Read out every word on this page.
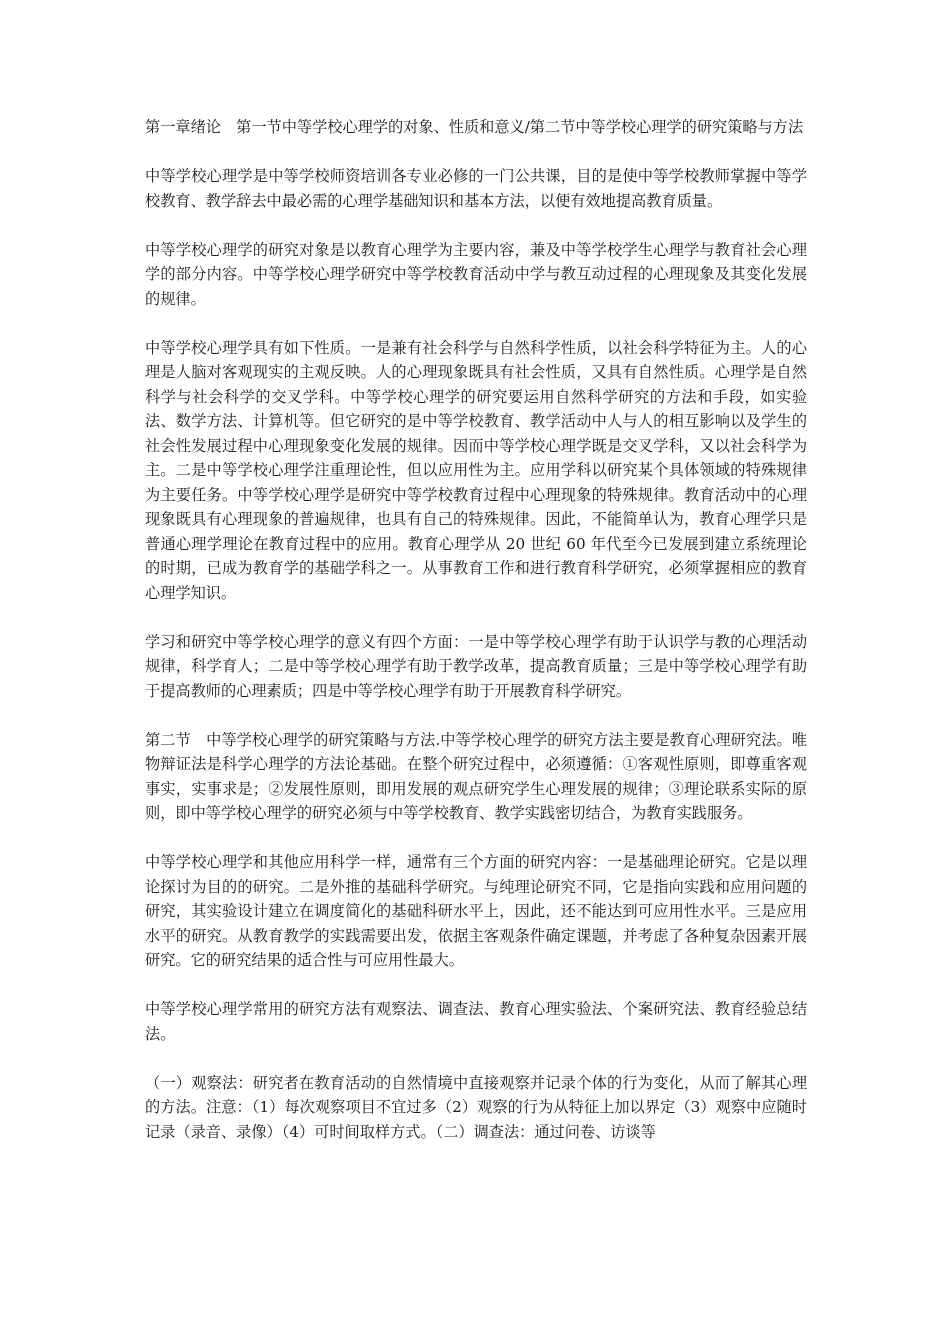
第一章绪论　第一节中等学校心理学的对象、性质和意义/第二节中等学校心理学的研究策略与方法

中等学校心理学是中等学校师资培训各专业必修的一门公共课，目的是使中等学校教师掌握中等学校教育、教学辞去中最必需的心理学基础知识和基本方法，以便有效地提高教育质量。

中等学校心理学的研究对象是以教育心理学为主要内容，兼及中等学校学生心理学与教育社会心理学的部分内容。中等学校心理学研究中等学校教育活动中学与教互动过程的心理现象及其变化发展的规律。

中等学校心理学具有如下性质。一是兼有社会科学与自然科学性质，以社会科学特征为主。人的心理是人脑对客观现实的主观反映。人的心理现象既具有社会性质，又具有自然性质。心理学是自然科学与社会科学的交叉学科。中等学校心理学的研究要运用自然科学研究的方法和手段，如实验法、数学方法、计算机等。但它研究的是中等学校教育、教学活动中人与人的相互影响以及学生的社会性发展过程中心理现象变化发展的规律。因而中等学校心理学既是交叉学科，又以社会科学为主。二是中等学校心理学注重理论性，但以应用性为主。应用学科以研究某个具体领域的特殊规律为主要任务。中等学校心理学是研究中等学校教育过程中心理现象的特殊规律。教育活动中的心理现象既具有心理现象的普遍规律，也具有自己的特殊规律。因此，不能简单认为，教育心理学只是普通心理学理论在教育过程中的应用。教育心理学从 20 世纪 60 年代至今已发展到建立系统理论的时期，已成为教育学的基础学科之一。从事教育工作和进行教育科学研究，必须掌握相应的教育心理学知识。

学习和研究中等学校心理学的意义有四个方面：一是中等学校心理学有助于认识学与教的心理活动规律，科学育人；二是中等学校心理学有助于教学改革，提高教育质量；三是中等学校心理学有助于提高教师的心理素质；四是中等学校心理学有助于开展教育科学研究。

第二节　中等学校心理学的研究策略与方法.中等学校心理学的研究方法主要是教育心理研究法。唯物辩证法是科学心理学的方法论基础。在整个研究过程中，必须遵循：①客观性原则，即尊重客观事实，实事求是；②发展性原则，即用发展的观点研究学生心理发展的规律；③理论联系实际的原则，即中等学校心理学的研究必须与中等学校教育、教学实践密切结合，为教育实践服务。

中等学校心理学和其他应用科学一样，通常有三个方面的研究内容：一是基础理论研究。它是以理论探讨为目的的研究。二是外推的基础科学研究。与纯理论研究不同，它是指向实践和应用问题的研究，其实验设计建立在调度简化的基础科研水平上，因此，还不能达到可应用性水平。三是应用水平的研究。从教育教学的实践需要出发，依据主客观条件确定课题，并考虑了各种复杂因素开展研究。它的研究结果的适合性与可应用性最大。

中等学校心理学常用的研究方法有观察法、调查法、教育心理实验法、个案研究法、教育经验总结法。

（一）观察法：研究者在教育活动的自然情境中直接观察并记录个体的行为变化，从而了解其心理的方法。注意：（1）每次观察项目不宜过多（2）观察的行为从特征上加以界定（3）观察中应随时记录（录音、录像）（4）可时间取样方式。（二）调查法：通过问卷、访谈等
